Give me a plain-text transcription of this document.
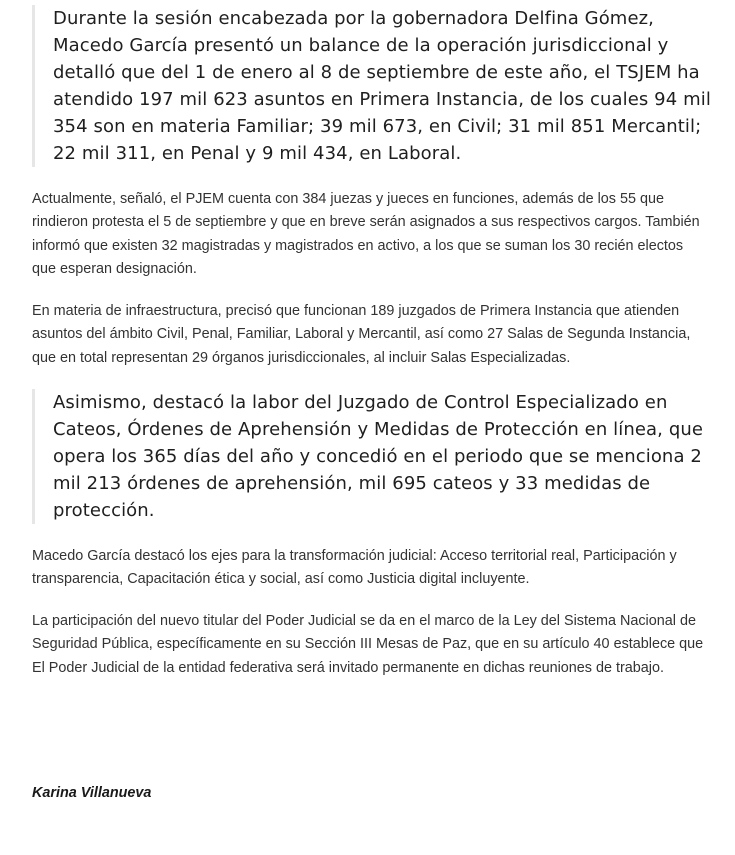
Durante la sesión encabezada por la gobernadora Delfina Gómez, Macedo García presentó un balance de la operación jurisdiccional y detalló que del 1 de enero al 8 de septiembre de este año, el TSJEM ha atendido 197 mil 623 asuntos en Primera Instancia, de los cuales 94 mil 354 son en materia Familiar; 39 mil 673, en Civil; 31 mil 851 Mercantil; 22 mil 311, en Penal y 9 mil 434, en Laboral.

Actualmente, señaló, el PJEM cuenta con 384 juezas y jueces en funciones, además de los 55 que rindieron protesta el 5 de septiembre y que en breve serán asignados a sus respectivos cargos. También informó que existen 32 magistradas y magistrados en activo, a los que se suman los 30 recién electos que esperan designación.

En materia de infraestructura, precisó que funcionan 189 juzgados de Primera Instancia que atienden asuntos del ámbito Civil, Penal, Familiar, Laboral y Mercantil, así como 27 Salas de Segunda Instancia, que en total representan 29 órganos jurisdiccionales, al incluir Salas Especializadas.

Asimismo, destacó la labor del Juzgado de Control Especializado en Cateos, Órdenes de Aprehensión y Medidas de Protección en línea, que opera los 365 días del año y concedió en el periodo que se menciona 2 mil 213 órdenes de aprehensión, mil 695 cateos y 33 medidas de protección.

Macedo García destacó los ejes para la transformación judicial: Acceso territorial real, Participación y transparencia, Capacitación ética y social, así como Justicia digital incluyente.

La participación del nuevo titular del Poder Judicial se da en el marco de la Ley del Sistema Nacional de Seguridad Pública, específicamente en su Sección III Mesas de Paz, que en su artículo 40 establece que El Poder Judicial de la entidad federativa será invitado permanente en dichas reuniones de trabajo.

Karina Villanueva
